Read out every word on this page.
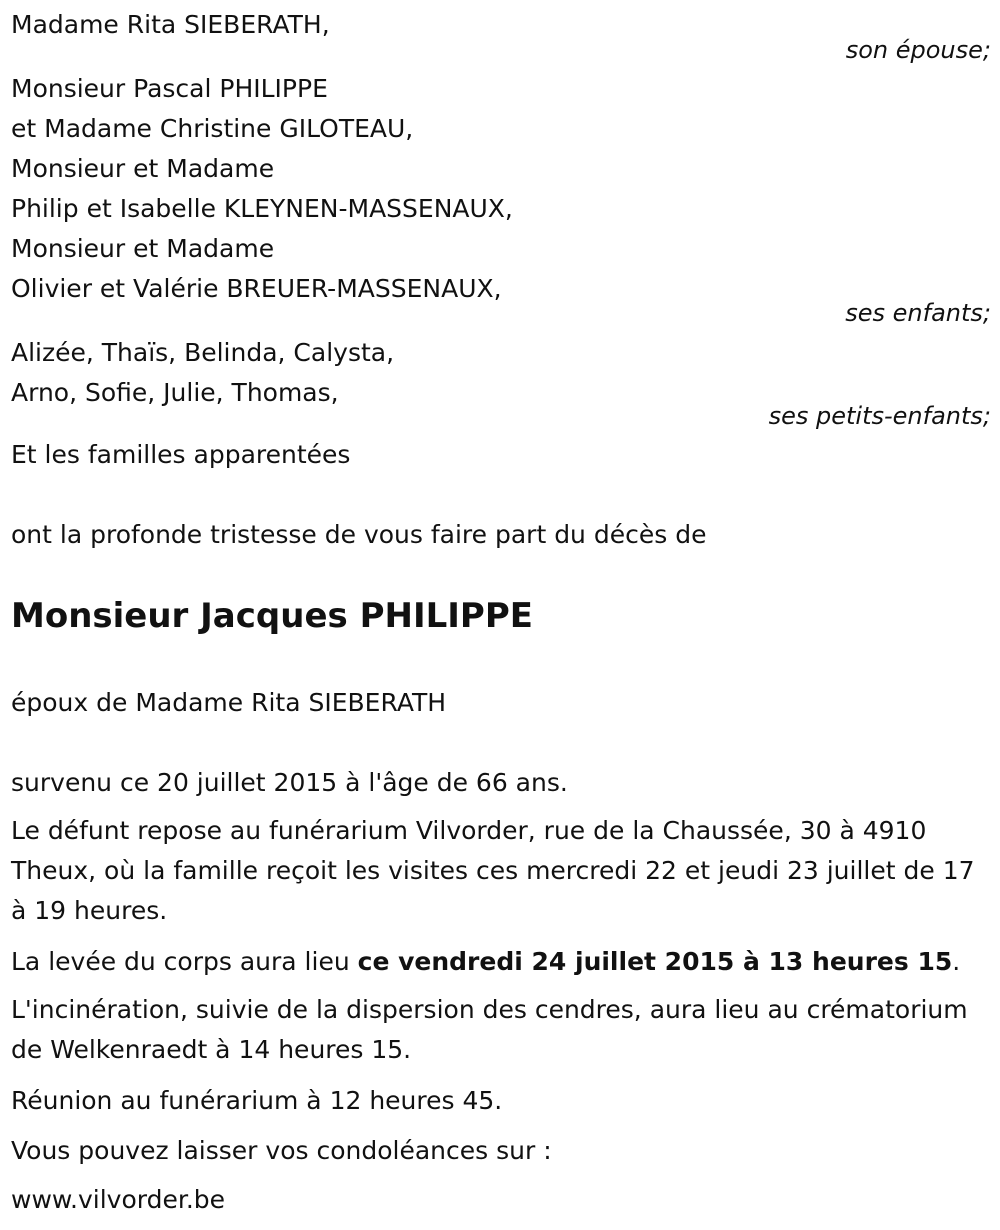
Madame Rita SIEBERATH,
son épouse;
Monsieur Pascal PHILIPPE
et Madame Christine GILOTEAU,
Monsieur et Madame
Philip et Isabelle KLEYNEN-MASSENAUX,
Monsieur et Madame
Olivier et Valérie BREUER-MASSENAUX,
ses enfants;
Alizée, Thaïs, Belinda, Calysta,
Arno, Sofie, Julie, Thomas,
ses petits-enfants;
Et les familles apparentées
ont la profonde tristesse de vous faire part du décès de
Monsieur Jacques PHILIPPE
époux de Madame Rita SIEBERATH
survenu ce 20 juillet 2015 à l'âge de 66 ans.
Le défunt repose au funérarium Vilvorder, rue de la Chaussée, 30 à 4910 Theux, où la famille reçoit les visites ces mercredi 22 et jeudi 23 juillet de 17 à 19 heures.
La levée du corps aura lieu ce vendredi 24 juillet 2015 à 13 heures 15.
L'incinération, suivie de la dispersion des cendres, aura lieu au crématorium de Welkenraedt à 14 heures 15.
Réunion au funérarium à 12 heures 45.
Vous pouvez laisser vos condoléances sur :
www.vilvorder.be
